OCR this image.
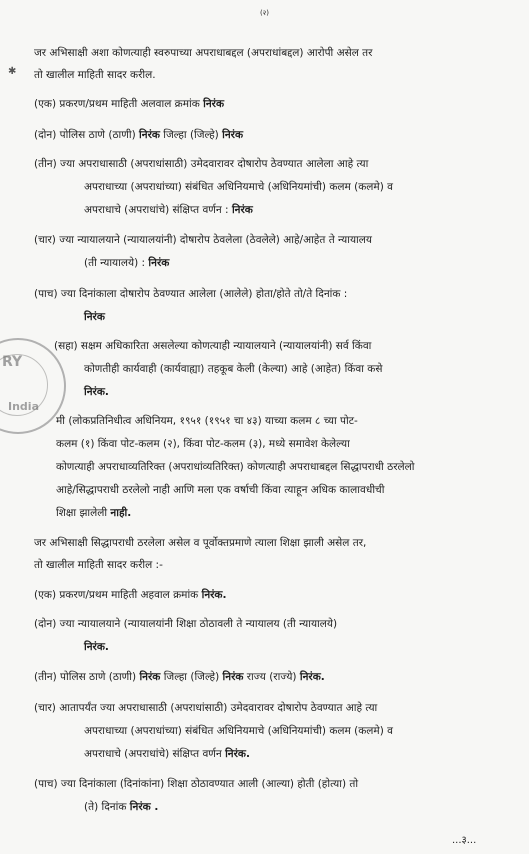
(२)
✱
जर अभिसाक्षी अशा कोणत्याही स्वरुपाच्या अपराधाबद्दल (अपराधांबद्दल) आरोपी असेल तर
तो खालील माहिती सादर करील.
(एक) प्रकरण/प्रथम माहिती अलवाल क्रमांक निरंक
(दोन) पोलिस ठाणे (ठाणी) निरंक जिल्हा (जिल्हे) निरंक
(तीन) ज्या अपराधासाठी (अपराधांसाठी) उमेदवारावर दोषारोप ठेवण्यात आलेला आहे त्या
अपराधाच्या (अपराधांच्या) संबंधित अधिनियमाचे (अधिनियमांची) कलम (कलमे) व
अपराधाचे (अपराधांचे) संक्षिप्त वर्णन : निरंक
(चार) ज्या न्यायालयाने (न्यायालयांनी) दोषारोप ठेवलेला (ठेवलेले) आहे/आहेत ते न्यायालय
(ती न्यायालये) : निरंक
(पाच) ज्या दिनांकाला दोषारोप ठेवण्यात आलेला (आलेले) होता/होते तो/ते दिनांक :
निरंक
RY
India
(सहा) सक्षम अधिकारिता असलेल्या कोणत्याही न्यायालयाने (न्यायालयांनी) सर्व किंवा
कोणतीही कार्यवाही (कार्यवाह्या) तहकूब केली (केल्या) आहे (आहेत) किंवा कसे
निरंक.
मी (लोकप्रतिनिधीत्व अधिनियम, १९५१ (१९५१ चा ४३) याच्या कलम ८ च्या पोट-
कलम (१) किंवा पोट-कलम (२), किंवा पोट-कलम (३), मध्ये समावेश केलेल्या
कोणत्याही अपराधाव्यतिरिक्त (अपराधांव्यतिरिक्त) कोणत्याही अपराधाबद्दल सिद्धापराधी ठरलेलो
आहे/सिद्धापराधी ठरलेलो नाही आणि मला एक वर्षाची किंवा त्याहून अधिक कालावधीची
शिक्षा झालेली नाही.
जर अभिसाक्षी सिद्धापराधी ठरलेला असेल व पूर्वोक्तप्रमाणे त्याला शिक्षा झाली असेल तर,
तो खालील माहिती सादर करील :-
(एक) प्रकरण/प्रथम माहिती अहवाल क्रमांक निरंक.
(दोन) ज्या न्यायालयाने (न्यायालयांनी शिक्षा ठोठावली ते न्यायालय (ती न्यायालये)
निरंक.
(तीन) पोलिस ठाणे (ठाणी) निरंक जिल्हा (जिल्हे) निरंक राज्य (राज्ये) निरंक.
(चार) आतापर्यंत ज्या अपराधासाठी (अपराधांसाठी) उमेदवारावर दोषारोप ठेवण्यात आहे त्या
अपराधाच्या (अपराधांच्या) संबंधित अधिनियमाचे (अधिनियमांची) कलम (कलमे) व
अपराधाचे (अपराधांचे) संक्षिप्त वर्णन निरंक.
(पाच) ज्या दिनांकाला (दिनांकांना) शिक्षा ठोठावण्यात आली (आल्या) होती (होत्या) तो
(ते) दिनांक निरंक .
...३...
